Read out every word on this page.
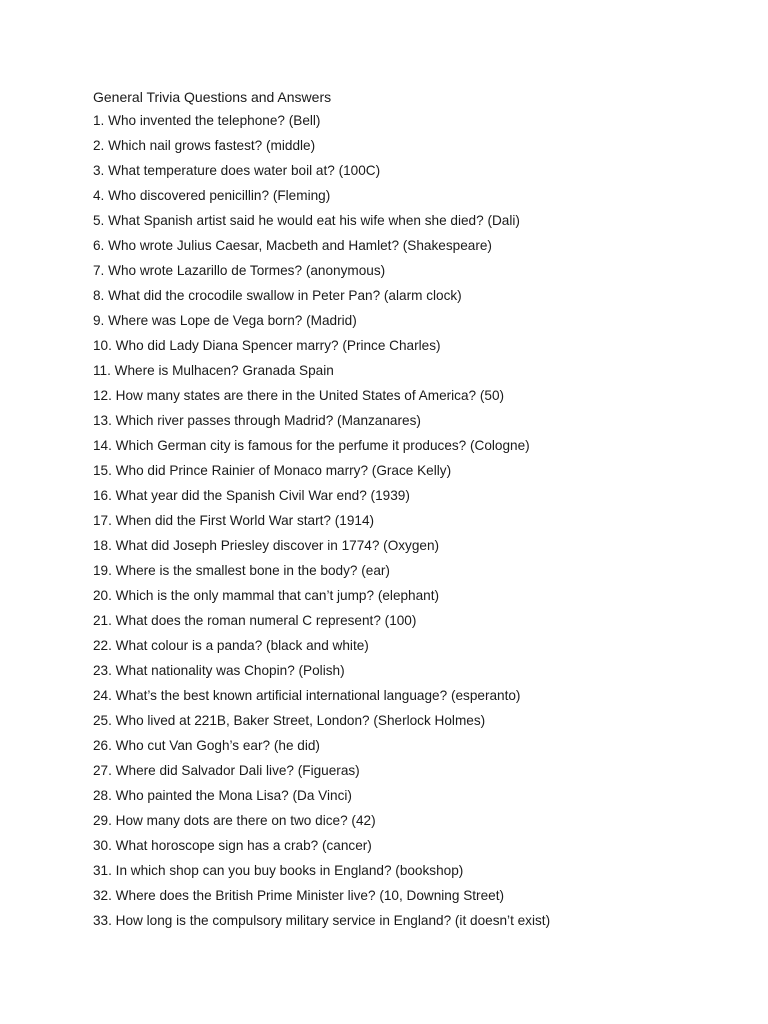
General Trivia Questions and Answers
1. Who invented the telephone? (Bell)
2. Which nail grows fastest? (middle)
3. What temperature does water boil at? (100C)
4. Who discovered penicillin? (Fleming)
5. What Spanish artist said he would eat his wife when she died? (Dali)
6. Who wrote Julius Caesar, Macbeth and Hamlet? (Shakespeare)
7. Who wrote Lazarillo de Tormes? (anonymous)
8. What did the crocodile swallow in Peter Pan? (alarm clock)
9. Where was Lope de Vega born? (Madrid)
10. Who did Lady Diana Spencer marry? (Prince Charles)
11. Where is Mulhacen? Granada Spain
12. How many states are there in the United States of America? (50)
13. Which river passes through Madrid? (Manzanares)
14. Which German city is famous for the perfume it produces? (Cologne)
15. Who did Prince Rainier of Monaco marry? (Grace Kelly)
16. What year did the Spanish Civil War end? (1939)
17. When did the First World War start? (1914)
18. What did Joseph Priesley discover in 1774? (Oxygen)
19. Where is the smallest bone in the body? (ear)
20. Which is the only mammal that can’t jump? (elephant)
21. What does the roman numeral C represent? (100)
22. What colour is a panda? (black and white)
23. What nationality was Chopin? (Polish)
24. What’s the best known artificial international language? (esperanto)
25. Who lived at 221B, Baker Street, London? (Sherlock Holmes)
26. Who cut Van Gogh’s ear? (he did)
27. Where did Salvador Dali live? (Figueras)
28. Who painted the Mona Lisa? (Da Vinci)
29. How many dots are there on two dice? (42)
30. What horoscope sign has a crab? (cancer)
31. In which shop can you buy books in England? (bookshop)
32. Where does the British Prime Minister live? (10, Downing Street)
33. How long is the compulsory military service in England? (it doesn’t exist)
